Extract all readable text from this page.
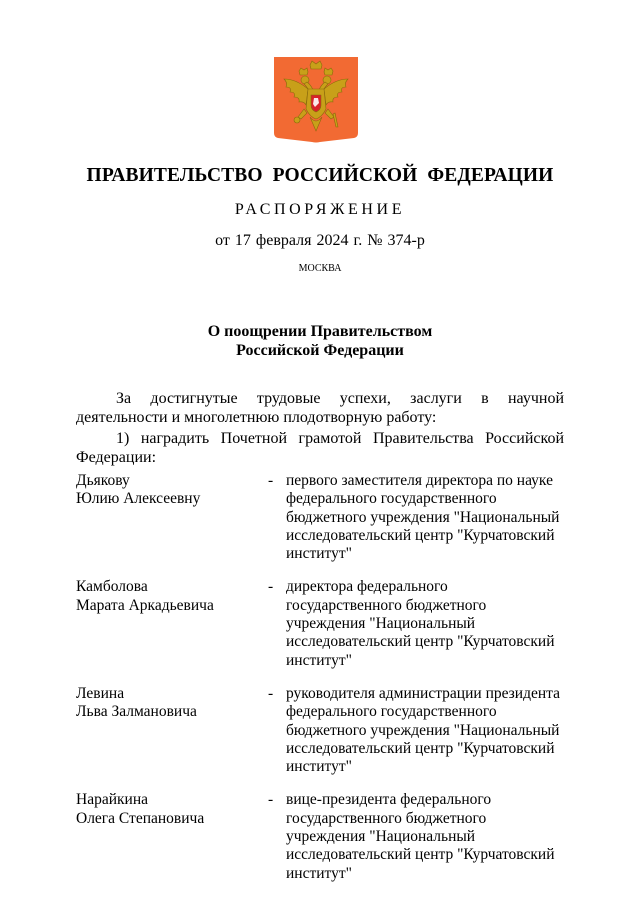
ПРАВИТЕЛЬСТВО РОССИЙСКОЙ ФЕДЕРАЦИИ
РАСПОРЯЖЕНИЕ
от 17 февраля 2024 г. № 374-р
МОСКВА
О поощрении Правительством
Российской Федерации
За достигнутые трудовые успехи, заслуги в научной деятельности и многолетнюю плодотворную работу:
1) наградить Почетной грамотой Правительства Российской Федерации:
Дьякову
Юлию Алексеевну
- первого заместителя директора по науке федерального государственного бюджетного учреждения "Национальный исследовательский центр "Курчатовский институт"
Камболова
Марата Аркадьевича
- директора федерального государственного бюджетного учреждения "Национальный исследовательский центр "Курчатовский институт"
Левина
Льва Залмановича
- руководителя администрации президента федерального государственного бюджетного учреждения "Национальный исследовательский центр "Курчатовский институт"
Нарайкина
Олега Степановича
- вице-президента федерального государственного бюджетного учреждения "Национальный исследовательский центр "Курчатовский институт"
